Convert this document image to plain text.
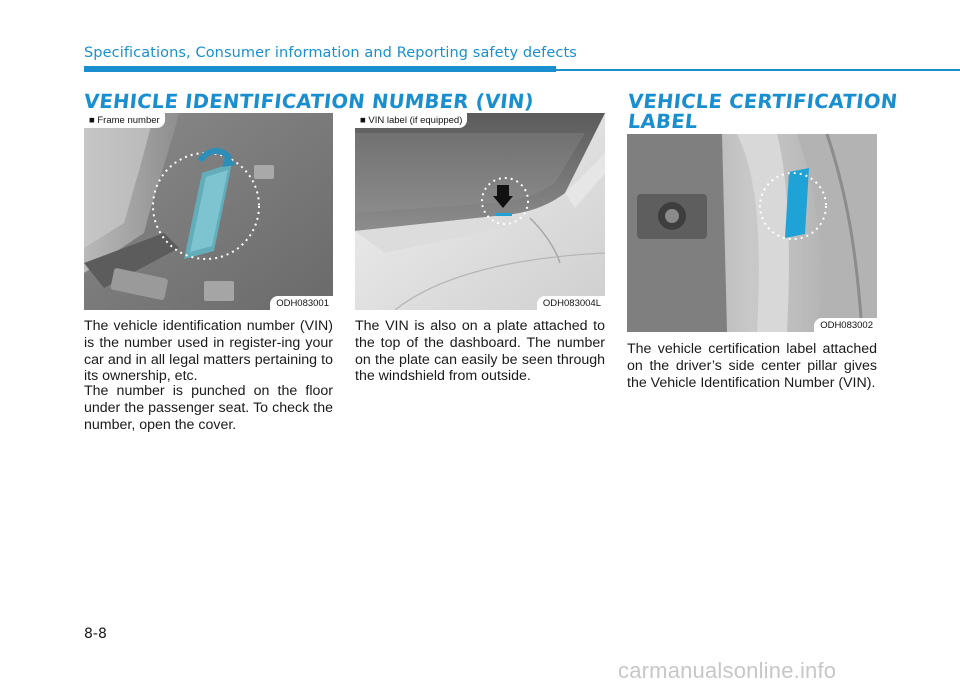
Specifications, Consumer information and Reporting safety defects
VEHICLE IDENTIFICATION NUMBER (VIN)	VEHICLE CERTIFICATION
LABEL
■ Frame number
ODH083001
■ VIN label (if equipped)
ODH083004L
ODH083002

The vehicle identification number (VIN) is the number used in register-ing your car and in all legal matters pertaining to its ownership, etc.

The number is punched on the floor under the passenger seat. To check the number, open the cover.

The VIN is also on a plate attached to the top of the dashboard. The number on the plate can easily be seen through the windshield from outside.

The vehicle certification label attached on the driver’s side center pillar gives the Vehicle Identification Number (VIN).

8-8
carmanualsonline.info
